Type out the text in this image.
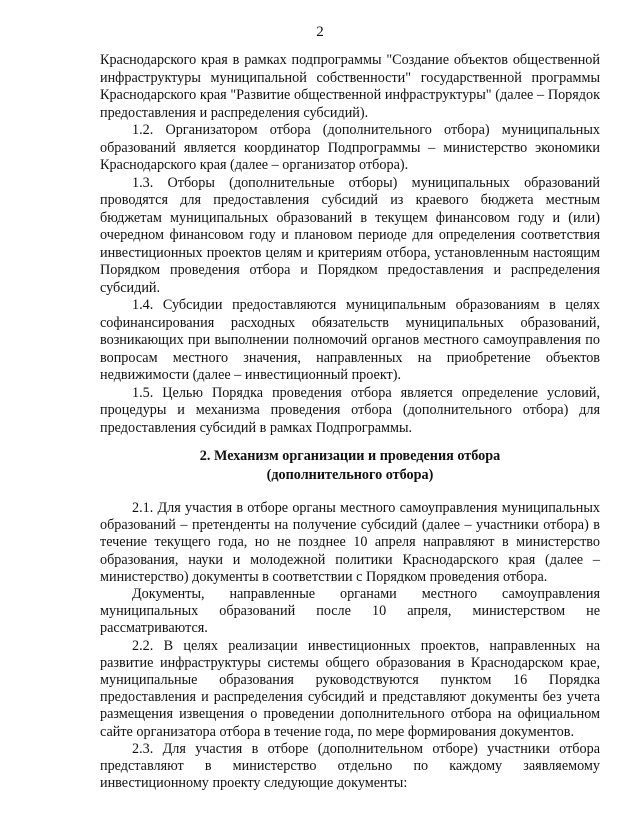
2

Краснодарского края в рамках подпрограммы "Создание объектов общественной инфраструктуры муниципальной собственности" государственной программы Краснодарского края "Развитие общественной инфраструктуры" (далее – Порядок предоставления и распределения субсидий).

1.2. Организатором отбора (дополнительного отбора) муниципальных образований является координатор Подпрограммы – министерство экономики Краснодарского края (далее – организатор отбора).

1.3. Отборы (дополнительные отборы) муниципальных образований проводятся для предоставления субсидий из краевого бюджета местным бюджетам муниципальных образований в текущем финансовом году и (или) очередном финансовом году и плановом периоде для определения соответствия инвестиционных проектов целям и критериям отбора, установленным настоящим Порядком проведения отбора и Порядком предоставления и распределения субсидий.

1.4. Субсидии предоставляются муниципальным образованиям в целях софинансирования расходных обязательств муниципальных образований, возникающих при выполнении полномочий органов местного самоуправления по вопросам местного значения, направленных на приобретение объектов недвижимости (далее – инвестиционный проект).

1.5. Целью Порядка проведения отбора является определение условий, процедуры и механизма проведения отбора (дополнительного отбора) для предоставления субсидий в рамках Подпрограммы.

2. Механизм организации и проведения отбора
(дополнительного отбора)

2.1. Для участия в отборе органы местного самоуправления муниципальных образований – претенденты на получение субсидий (далее – участники отбора) в течение текущего года, но не позднее 10 апреля направляют в министерство образования, науки и молодежной политики Краснодарского края (далее – министерство) документы в соответствии с Порядком проведения отбора.

Документы, направленные органами местного самоуправления муниципальных образований после 10 апреля, министерством не рассматриваются.

2.2. В целях реализации инвестиционных проектов, направленных на развитие инфраструктуры системы общего образования в Краснодарском крае, муниципальные образования руководствуются пунктом 16 Порядка предоставления и распределения субсидий и представляют документы без учета размещения извещения о проведении дополнительного отбора на официальном сайте организатора отбора в течение года, по мере формирования документов.

2.3. Для участия в отборе (дополнительном отборе) участники отбора представляют в министерство отдельно по каждому заявляемому инвестиционному проекту следующие документы:
